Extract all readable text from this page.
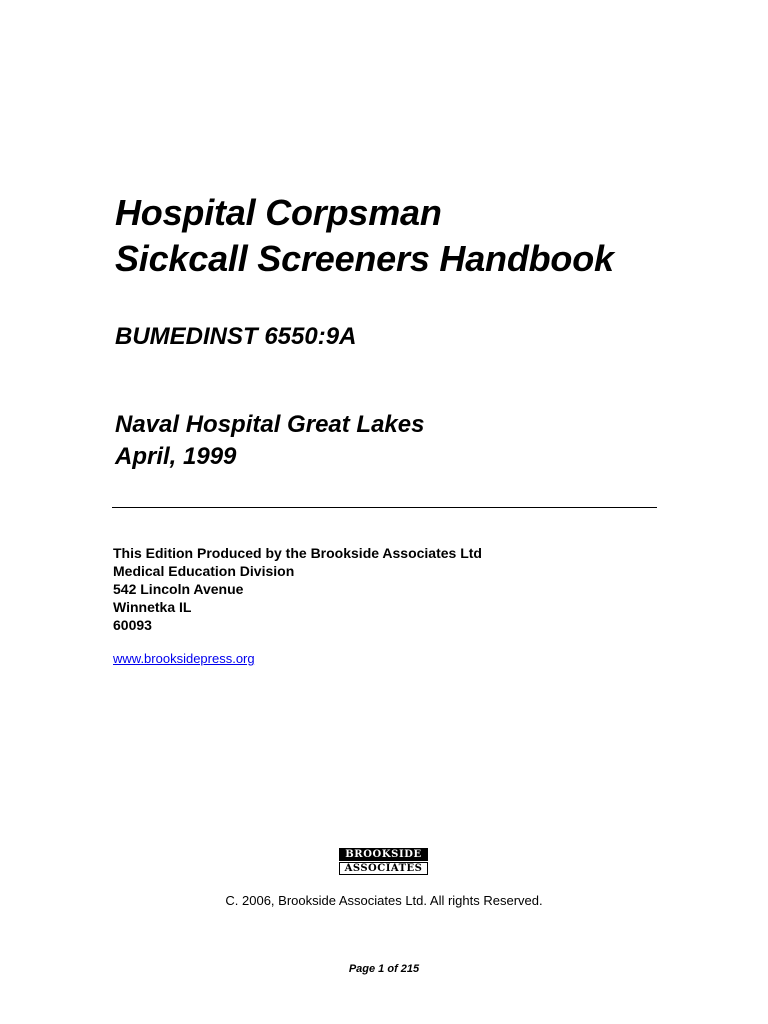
Hospital Corpsman
Sickcall Screeners Handbook
BUMEDINST 6550:9A
Naval Hospital Great Lakes
April, 1999
This Edition Produced by the Brookside Associates Ltd
Medical Education Division
542 Lincoln Avenue
Winnetka IL
60093
www.brooksidepress.org
BROOKSIDE
ASSOCIATES
C. 2006, Brookside Associates Ltd. All rights Reserved.
Page 1 of 215
